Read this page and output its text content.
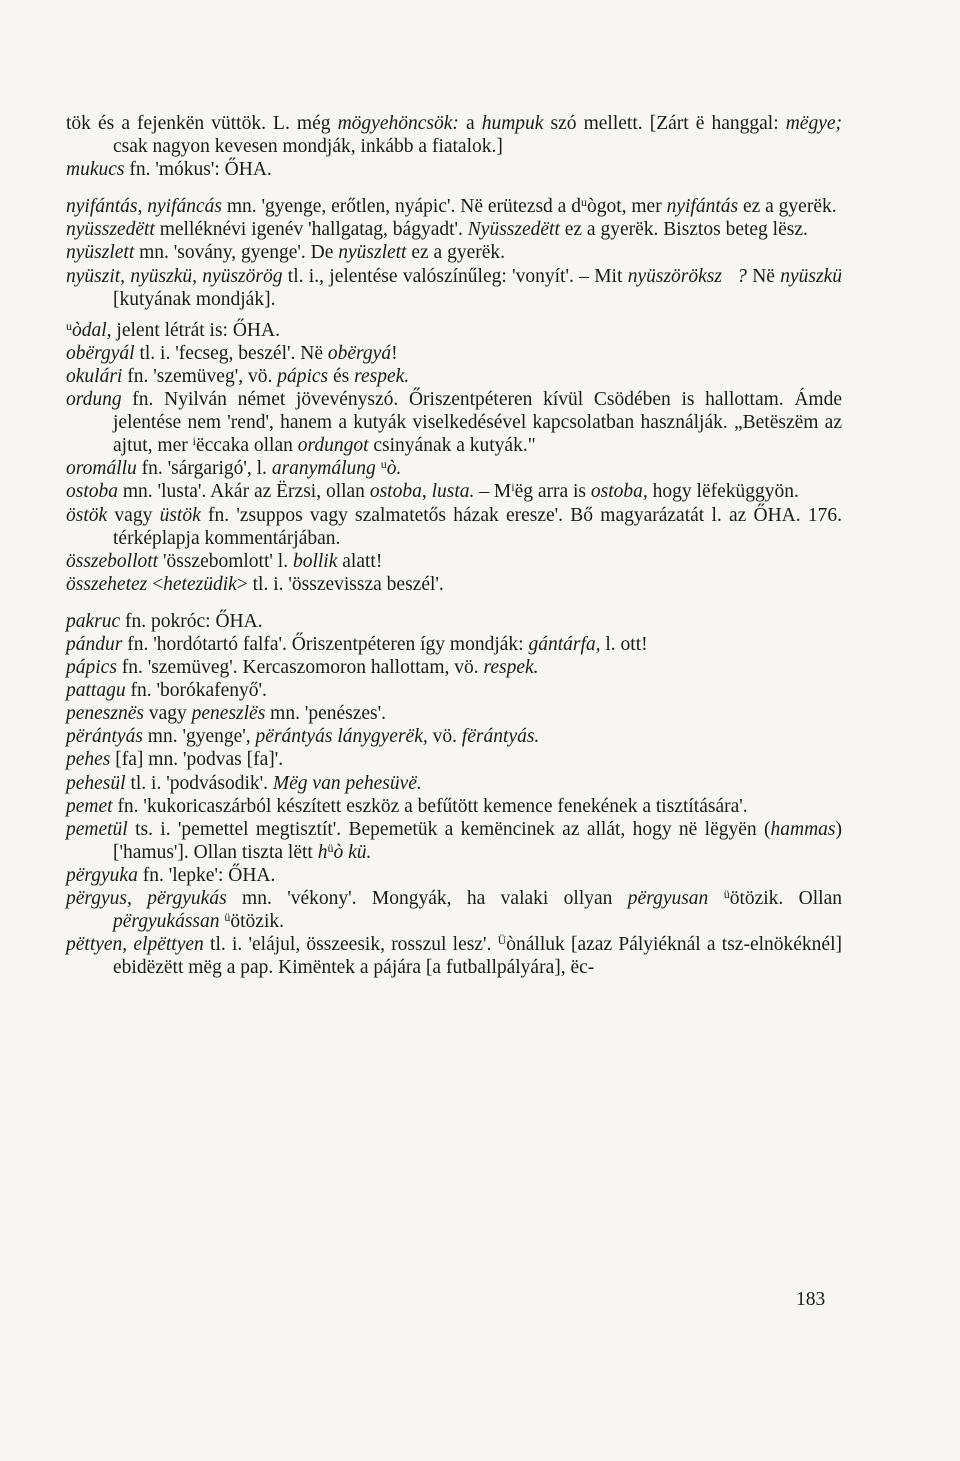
tök és a fejenkën vüttök. L. még mögyehöncsök: a humpuk szó mellett. [Zárt ë hanggal: mëgye; csak nagyon kevesen mondják, inkább a fiatalok.]
mukucs fn. 'mókus': ŐHA.
nyifántás, nyifáncás mn. 'gyenge, erőtlen, nyápic'. Në erütezsd a $d^uògot$, mer nyifántás ez a gyerëk.
nyüsszedëtt melléknévi igenév 'hallgatag, bágyadt'. Nyüsszedëtt ez a gyerëk. Bisztos beteg lësz.
nyüszlett mn. 'sovány, gyenge'. De nyüszlett ez a gyerëk.
nyüszit, nyüszkü, nyüszörög tl. i., jelentése valószínűleg: 'vonyít'. – Mit nyüszörökszِ? Në nyüszkü [kutyának mondják].
$^u$òdal, jelent létrát is: ŐHA.
obërgyál tl. i. 'fecseg, beszél'. Në obërgyá!
okulári fn. 'szemüveg', vö. pápics és respek.
ordung fn. Nyilván német jövevényszó. Őriszentpéteren kívül Csödében is hallottam. Ámde jelentése nem 'rend', hanem a kutyák viselkedésével kapcsolatban használják. „Betëszëm az ajtut, mer $^i$ëccaka ollan ordungot csinyának a kutyák."
oromállu fn. 'sárgarigó', l. aranymálung $^u$ò.
ostoba mn. 'lusta'. Akár az Ërzsi, ollan ostoba, lusta. – $M^iëg$ arra is ostoba, hogy lëfeküggyön.
östök vagy üstök fn. 'zsuppos vagy szalmatetős házak eresze'. Bő magyarázatát l. az ŐHA. 176. térképlapja kommentárjában.
összebollott 'összebomlott' l. bollik alatt!
összehetez <hetezüdik> tl. i. 'összevissza beszél'.
pakruc fn. pokróc: ŐHA.
pándur fn. 'hordótartó falfa'. Őriszentpéteren így mondják: gántárfa, l. ott!
pápics fn. 'szemüveg'. Kercaszomoron hallottam, vö. respek.
pattagu fn. 'borókafenyő'.
penesznës vagy peneszlës mn. 'penészes'.
përántyás mn. 'gyenge', përántyás lánygyerëk, vö. fërántyás.
pehes [fa] mn. 'podvas [fa]'.
pehesül tl. i. 'podvásodik'. Mëg van pehesüvë.
pemet fn. 'kukoricaszárból készített eszköz a befűtött kemence fenekének a tisztítására'.
pemetül ts. i. 'pemettel megtisztít'. Bepemetük a kemëncinek az allát, hogy në lëgyën (hammas) ['hamus']. Ollan tiszta lëtt $h^üò$ kü.
përgyuka fn. 'lepke': ŐHA.
përgyus, përgyukás mn. 'vékony'. Mongyák, ha valaki ollyan përgyusan $^ü$ötözik. Ollan përgyukássan $^ü$ötözik.
pëttyen, elpëttyen tl. i. 'elájul, összeesik, rosszul lesz'. $^Ü$ònálluk [azaz Pályiéknál a tsz-elnökéknél] ebidëzëtt mëg a pap. Kimëntek a pájára [a futballpályára], ëc-
183
